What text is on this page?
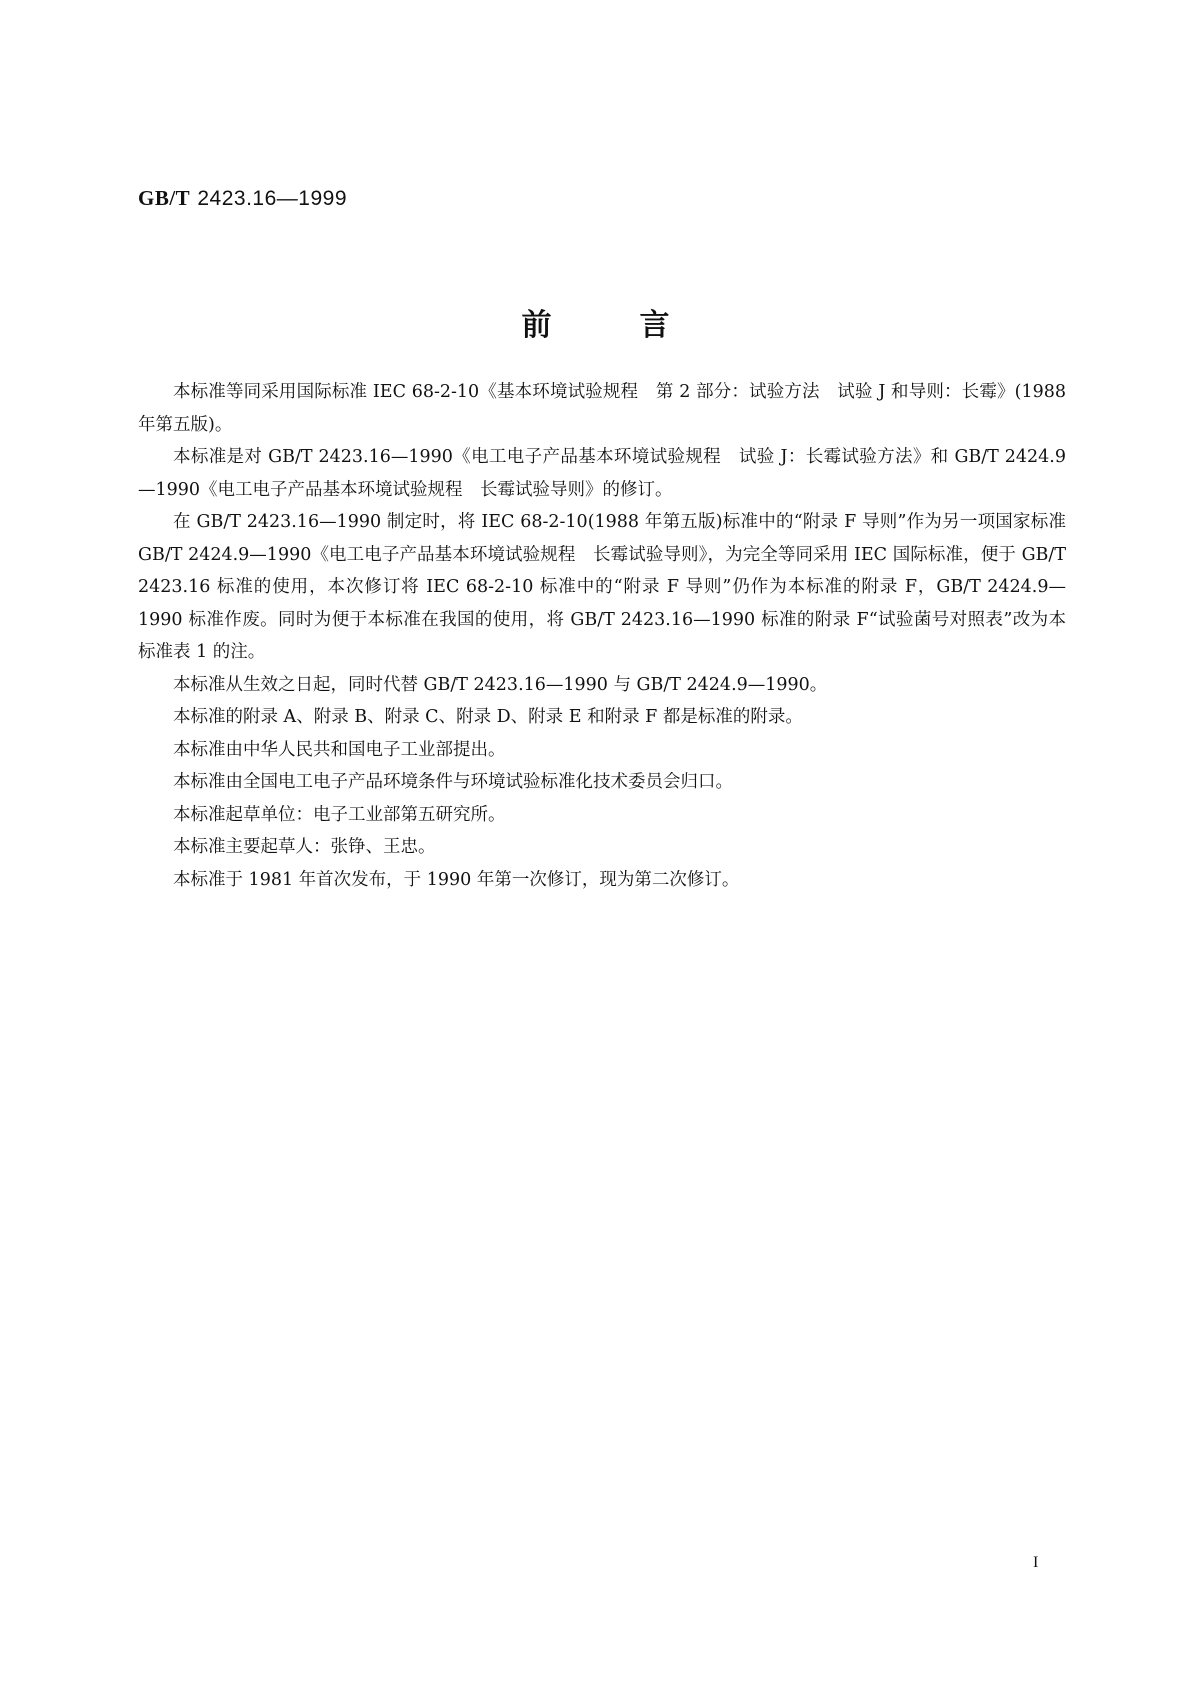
GB/T 2423.16—1999
前言

本标准等同采用国际标准 IEC 68-2-10《基本环境试验规程　第 2 部分：试验方法　试验 J 和导则：长霉》(1988 年第五版)。

本标准是对 GB/T 2423.16—1990《电工电子产品基本环境试验规程　试验 J：长霉试验方法》和 GB/T 2424.9—1990《电工电子产品基本环境试验规程　长霉试验导则》的修订。

在 GB/T 2423.16—1990 制定时，将 IEC 68-2-10(1988 年第五版)标准中的“附录 F 导则”作为另一项国家标准 GB/T 2424.9—1990《电工电子产品基本环境试验规程　长霉试验导则》，为完全等同采用 IEC 国际标准，便于 GB/T 2423.16 标准的使用，本次修订将 IEC 68-2-10 标准中的“附录 F 导则”仍作为本标准的附录 F，GB/T 2424.9—1990 标准作废。同时为便于本标准在我国的使用，将 GB/T 2423.16—1990 标准的附录 F“试验菌号对照表”改为本标准表 1 的注。

本标准从生效之日起，同时代替 GB/T 2423.16—1990 与 GB/T 2424.9—1990。

本标准的附录 A、附录 B、附录 C、附录 D、附录 E 和附录 F 都是标准的附录。

本标准由中华人民共和国电子工业部提出。

本标准由全国电工电子产品环境条件与环境试验标准化技术委员会归口。

本标准起草单位：电子工业部第五研究所。

本标准主要起草人：张铮、王忠。

本标准于 1981 年首次发布，于 1990 年第一次修订，现为第二次修订。

I
